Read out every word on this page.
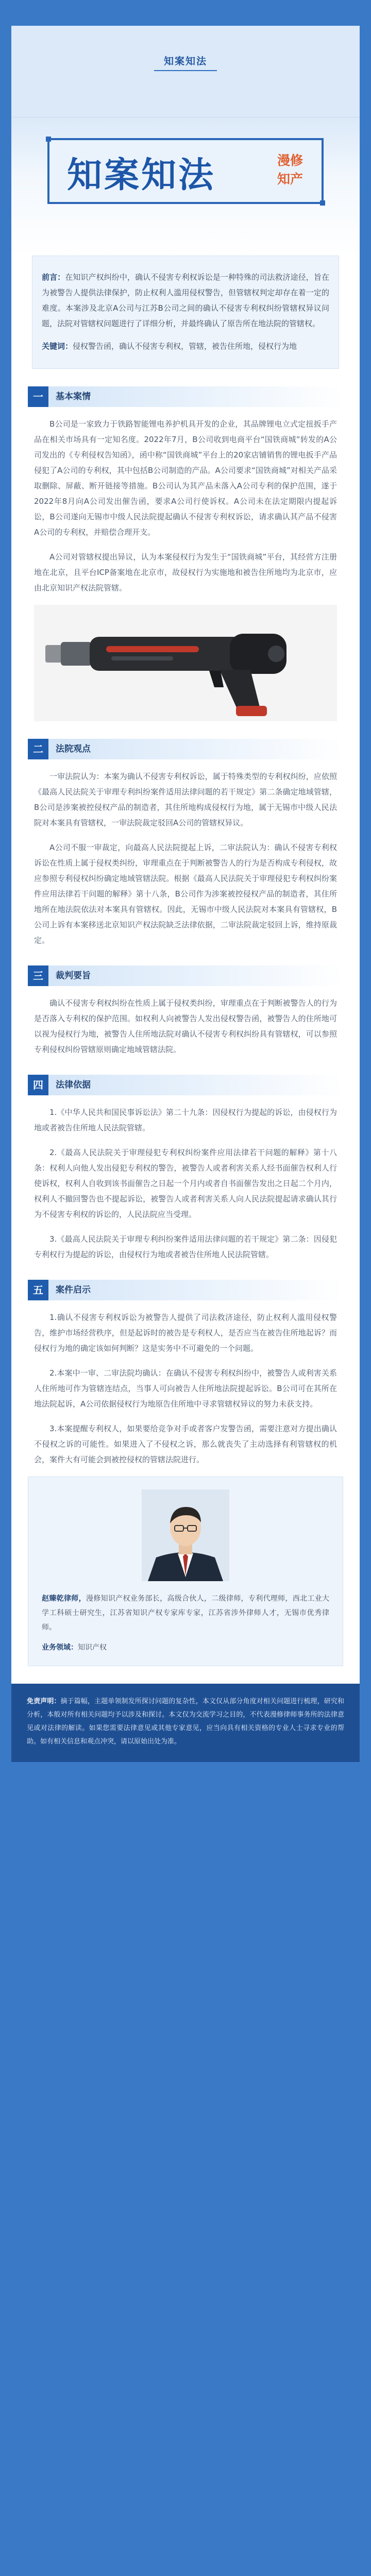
知案知法
知案知法	漫修
知产

前言：在知识产权纠纷中，确认不侵害专利权诉讼是一种特殊的司法救济途径，旨在为被警告人提供法律保护，防止权利人滥用侵权警告，但管辖权判定却存在着一定的难度。本案涉及北京A公司与江苏B公司之间的确认不侵害专利权纠纷管辖权异议问题，法院对管辖权问题进行了详细分析，并最终确认了原告所在地法院的管辖权。

关键词：侵权警告函，确认不侵害专利权，管辖，被告住所地，侵权行为地

一	基本案情

B公司是一家致力于铁路智能锂电养护机具开发的企业，其品牌锂电立式定扭扳手产品在相关市场具有一定知名度。2022年7月，B公司收到电商平台“国铁商城”转发的A公司发出的《专利侵权告知函》，函中称“国铁商城”平台上的20家店铺销售的锂电扳手产品侵犯了A公司的专利权，其中包括B公司制造的产品。A公司要求“国铁商城”对相关产品采取删除、屏蔽、断开链接等措施。B公司认为其产品未落入A公司专利的保护范围，遂于2022年8月向A公司发出催告函，要求A公司行使诉权。A公司未在法定期限内提起诉讼，B公司遂向无锡市中级人民法院提起确认不侵害专利权诉讼，请求确认其产品不侵害A公司的专利权，并赔偿合理开支。

A公司对管辖权提出异议，认为本案侵权行为发生于“国铁商城”平台，其经营方注册地在北京，且平台ICP备案地在北京市，故侵权行为实施地和被告住所地均为北京市，应由北京知识产权法院管辖。

二	法院观点

一审法院认为：本案为确认不侵害专利权诉讼，属于特殊类型的专利权纠纷，应依照《最高人民法院关于审理专利纠纷案件适用法律问题的若干规定》第二条确定地域管辖，B公司是涉案被控侵权产品的制造者，其住所地构成侵权行为地，属于无锡市中级人民法院对本案具有管辖权，一审法院裁定驳回A公司的管辖权异议。

A公司不服一审裁定，向最高人民法院提起上诉，二审法院认为：确认不侵害专利权诉讼在性质上属于侵权类纠纷，审理重点在于判断被警告人的行为是否构成专利侵权，故应参照专利侵权纠纷确定地域管辖法院。根据《最高人民法院关于审理侵犯专利权纠纷案件应用法律若干问题的解释》第十八条，B公司作为涉案被控侵权产品的制造者，其住所地所在地法院依法对本案具有管辖权。因此，无锡市中级人民法院对本案具有管辖权，B公司上诉有本案移送北京知识产权法院缺乏法律依据，二审法院裁定驳回上诉，维持原裁定。

三	裁判要旨

确认不侵害专利权纠纷在性质上属于侵权类纠纷，审理重点在于判断被警告人的行为是否落入专利权的保护范围。如权利人向被警告人发出侵权警告函，被警告人的住所地可以视为侵权行为地，被警告人住所地法院对确认不侵害专利权纠纷具有管辖权，可以参照专利侵权纠纷管辖原则确定地域管辖法院。

四	法律依据

1.《中华人民共和国民事诉讼法》第二十九条：因侵权行为提起的诉讼，由侵权行为地或者被告住所地人民法院管辖。

2.《最高人民法院关于审理侵犯专利权纠纷案件应用法律若干问题的解释》第十八条：权利人向他人发出侵犯专利权的警告，被警告人或者利害关系人经书面催告权利人行使诉权，权利人自收到该书面催告之日起一个月内或者自书面催告发出之日起二个月内，权利人不撤回警告也不提起诉讼，被警告人或者利害关系人向人民法院提起请求确认其行为不侵害专利权的诉讼的，人民法院应当受理。

3.《最高人民法院关于审理专利纠纷案件适用法律问题的若干规定》第二条：因侵犯专利权行为提起的诉讼，由侵权行为地或者被告住所地人民法院管辖。

五	案件启示

1.确认不侵害专利权诉讼为被警告人提供了司法救济途径，防止权利人滥用侵权警告，维护市场经营秩序，但是起诉时的被告是专利权人，是否应当在被告住所地起诉？而侵权行为地的确定该如何判断？这是实务中不可避免的一个问题。

2.本案中一审、二审法院均确认：在确认不侵害专利权纠纷中，被警告人或利害关系人住所地可作为管辖连结点，当事人可向被告人住所地法院提起诉讼。B公司可在其所在地法院起诉，A公司依据侵权行为地原告住所地中寻求管辖权异议的努力未获支持。

3.本案提醒专利权人，如果要给竞争对手或者客户发警告函，需要注意对方提出确认不侵权之诉的可能性。如果进入了不侵权之诉，那么就丧失了主动选择有利管辖权的机会，案件大有可能会到被控侵权的管辖法院进行。

赵臻乾律师，漫修知识产权业务部长，高级合伙人，二级律师，专利代理师，西北工业大学工科硕士研究生，江苏省知识产权专家库专家，江苏省涉外律师人才，无锡市优秀律师。
业务领域：知识产权
免责声明：摘于篇幅，主题单领制发所探讨问题的复杂性，本文仅从部分角度对相关问题进行梳理，研究和分析，本般对所有相关问题均予以涉及和探讨。本文仅为交流学习之目的，不代表漫修律师事务所的法律意见或对法律的解读。如果您需要法律意见或其他专家意见，应当向具有相关资格的专业人士寻求专业的帮助。如有相关信息和观点冲突，请以原始出处为准。
